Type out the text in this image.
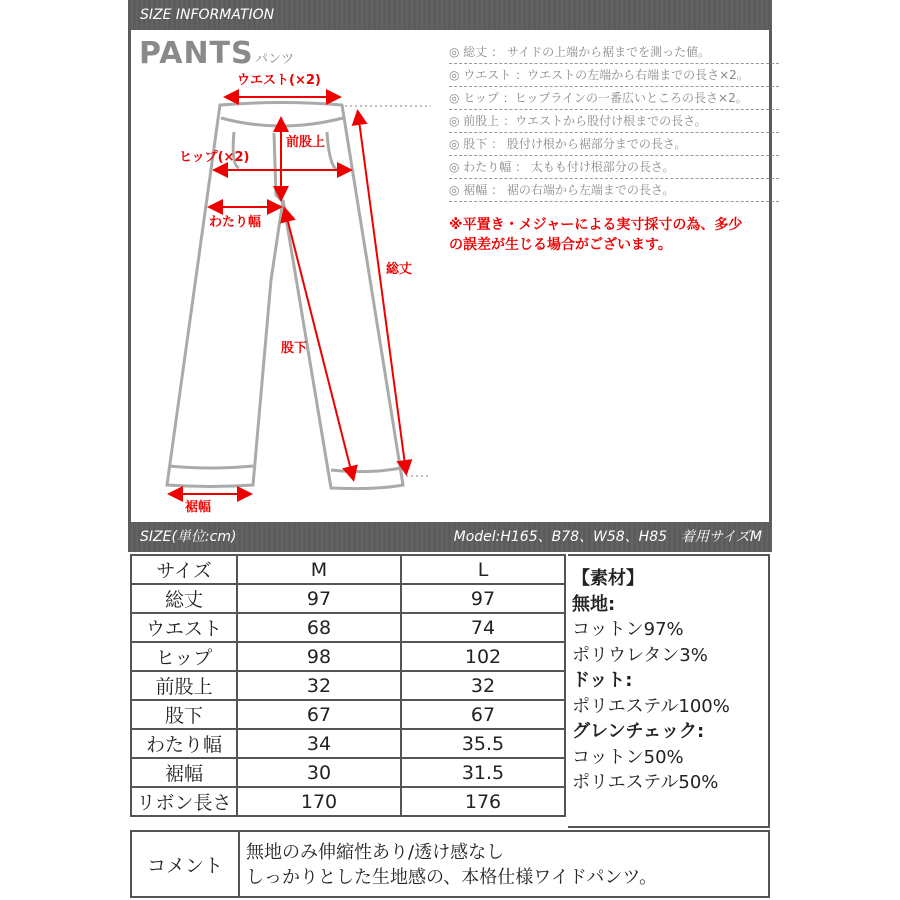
SIZE INFORMATION
PANTS パンツ
ウエスト(×2)
前股上
ヒップ(×2)
わたり幅
総丈
股下
裾幅
◎ 総丈 ： サイドの上端から裾までを測った値。
◎ ウエスト ：ウエストの左端から右端までの長さ×2。
◎ ヒップ ：ヒップラインの一番広いところの長さ×2。
◎ 前股上 ：ウエストから股付け根までの長さ。
◎ 股下 ： 股付け根から裾部分までの長さ。
◎ わたり幅 ： 太もも付け根部分の長さ。
◎ 裾幅 ： 裾の右端から左端までの長さ。
※平置き・メジャーによる実寸採寸の為、多少
の誤差が生じる場合がございます。
SIZE(単位:cm)	Model:H165、B78、W58、H85　着用サイズM
サイズ	M	L
総丈	97	97
ウエスト	68	74
ヒップ	98	102
前股上	32	32
股下	67	67
わたり幅	34	35.5
裾幅	30	31.5
リボン長さ	170	176
【素材】
無地:
コットン97%
ポリウレタン3%
ドット:
ポリエステル100%
グレンチェック:
コットン50%
ポリエステル50%
コメント
無地のみ伸縮性あり/透け感なし
しっかりとした生地感の、本格仕様ワイドパンツ。
